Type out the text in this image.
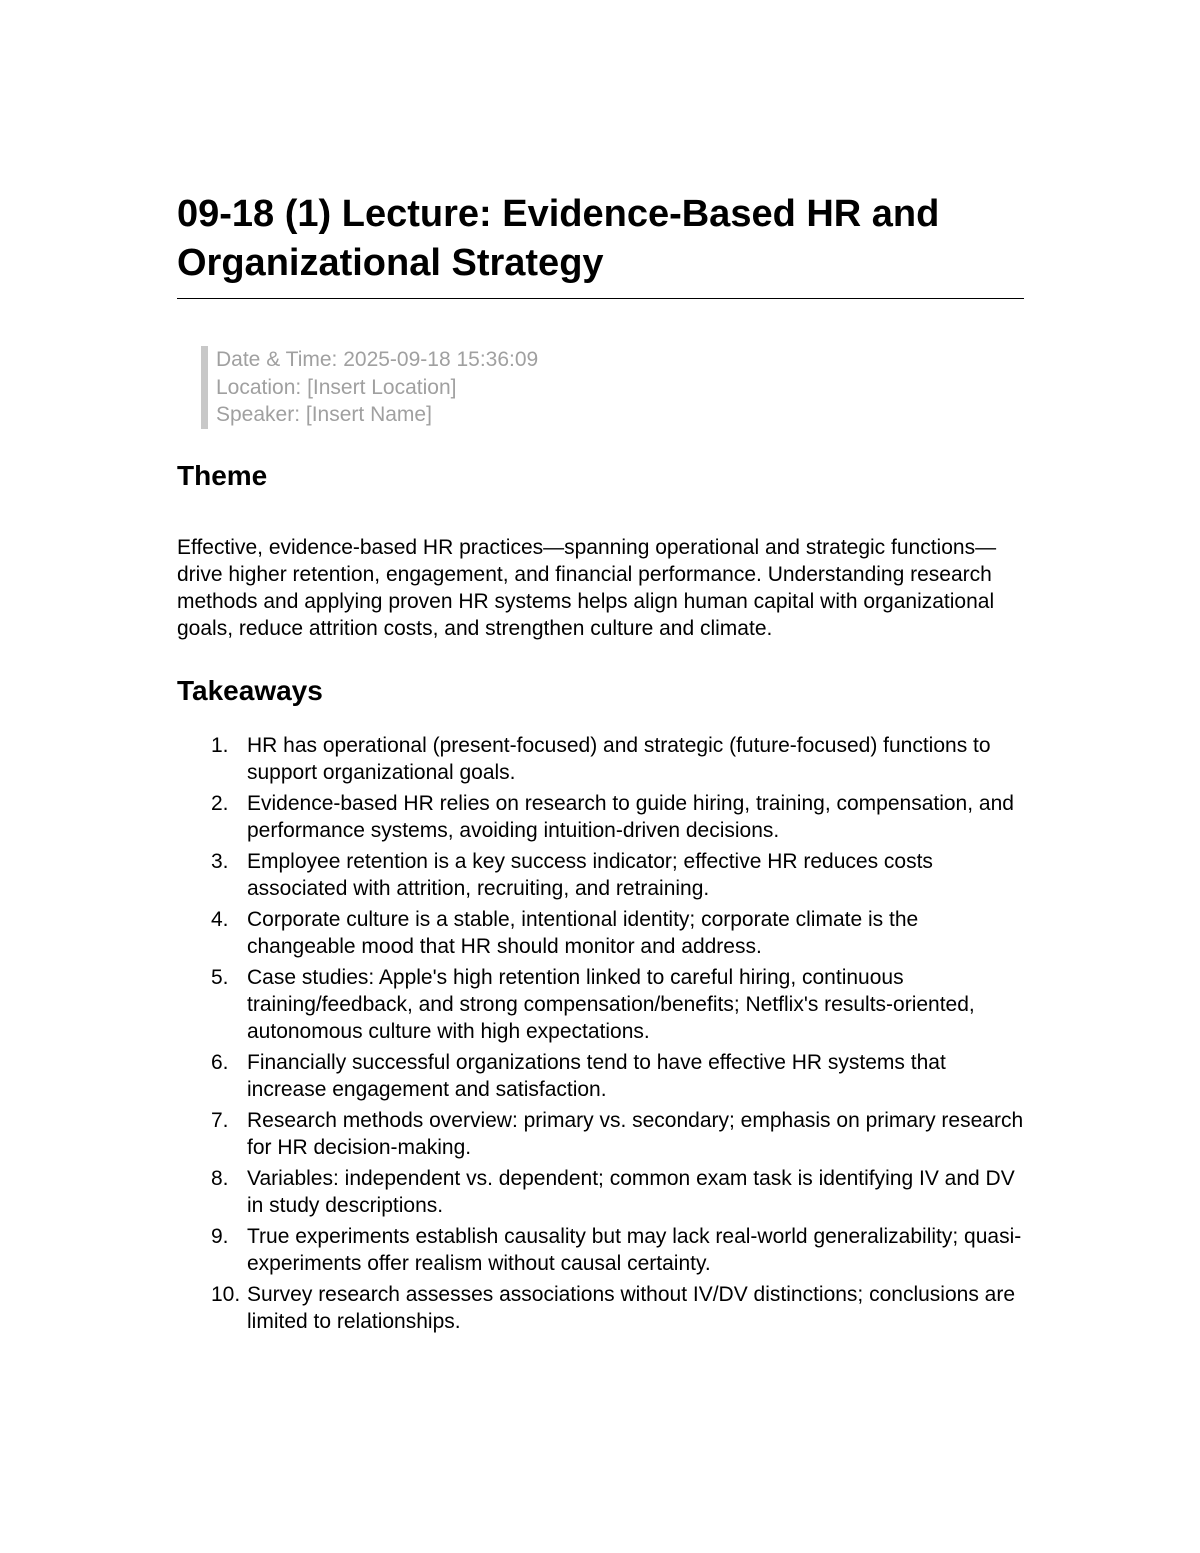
09-18 (1) Lecture: Evidence-Based HR and Organizational Strategy
Date & Time: 2025-09-18 15:36:09
Location: [Insert Location]
Speaker: [Insert Name]
Theme
Effective, evidence-based HR practices—spanning operational and strategic functions—drive higher retention, engagement, and financial performance. Understanding research methods and applying proven HR systems helps align human capital with organizational goals, reduce attrition costs, and strengthen culture and climate.
Takeaways
1. HR has operational (present-focused) and strategic (future-focused) functions to support organizational goals.
2. Evidence-based HR relies on research to guide hiring, training, compensation, and performance systems, avoiding intuition-driven decisions.
3. Employee retention is a key success indicator; effective HR reduces costs associated with attrition, recruiting, and retraining.
4. Corporate culture is a stable, intentional identity; corporate climate is the changeable mood that HR should monitor and address.
5. Case studies: Apple's high retention linked to careful hiring, continuous training/feedback, and strong compensation/benefits; Netflix's results-oriented, autonomous culture with high expectations.
6. Financially successful organizations tend to have effective HR systems that increase engagement and satisfaction.
7. Research methods overview: primary vs. secondary; emphasis on primary research for HR decision-making.
8. Variables: independent vs. dependent; common exam task is identifying IV and DV in study descriptions.
9. True experiments establish causality but may lack real-world generalizability; quasi-experiments offer realism without causal certainty.
10. Survey research assesses associations without IV/DV distinctions; conclusions are limited to relationships.
